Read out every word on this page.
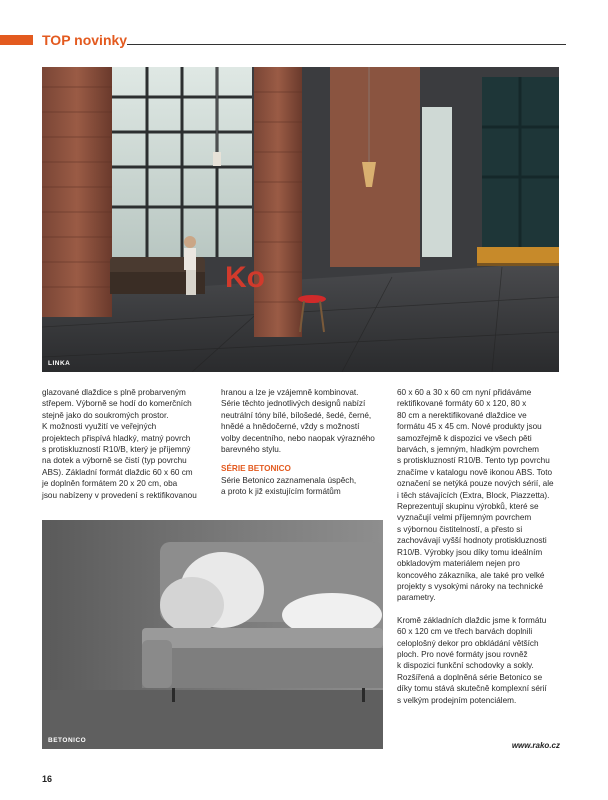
TOP novinky
Ko
LINKA

glazované dlaždice s plně probarveným
střepem. Výborně se hodí do komerčních
stejně jako do soukromých prostor.
K možnosti využití ve veřejných
projektech přispívá hladký, matný povrch
s protiskluzností R10/B, který je příjemný
na dotek a výborně se čistí (typ povrchu
ABS). Základní formát dlaždic 60 x 60 cm
je doplněn formátem 20 x 20 cm, oba
jsou nabízeny v provedení s rektifikovanou

hranou a lze je vzájemně kombinovat.
Série těchto jednotlivých designů nabízí
neutrální tóny bílé, bílošedé, šedé, černé,
hnědé a hnědočerné, vždy s možností
volby decentního, nebo naopak výrazného
barevného stylu.

SÉRIE BETONICO

Série Betonico zaznamenala úspěch,
a proto k již existujícím formátům

60 x 60 a 30 x 60 cm nyní přidáváme
rektifikované formáty 60 x 120, 80 x
80 cm a nerektifikované dlaždice ve
formátu 45 x 45 cm. Nové produkty jsou
samozřejmě k dispozici ve všech pěti
barvách, s jemným, hladkým povrchem
s protiskluzností R10/B. Tento typ povrchu
značíme v katalogu nově ikonou ABS. Toto
označení se netýká pouze nových sérií, ale
i těch stávajících (Extra, Block, Piazzetta).
Reprezentují skupinu výrobků, které se
vyznačují velmi příjemným povrchem
s výbornou čistitelností, a přesto si
zachovávají vyšší hodnoty protiskluznosti
R10/B. Výrobky jsou díky tomu ideálním
obkladovým materiálem nejen pro
koncového zákazníka, ale také pro velké
projekty s vysokými nároky na technické
parametry.

Kromě základních dlaždic jsme k formátu
60 x 120 cm ve třech barvách doplnili
celoplošný dekor pro obkládání větších
ploch. Pro nové formáty jsou rovněž
k dispozici funkční schodovky a sokly.
Rozšířená a doplněná série Betonico se
díky tomu stává skutečně komplexní sérií
s velkým prodejním potenciálem.

BETONICO
www.rako.cz
16
